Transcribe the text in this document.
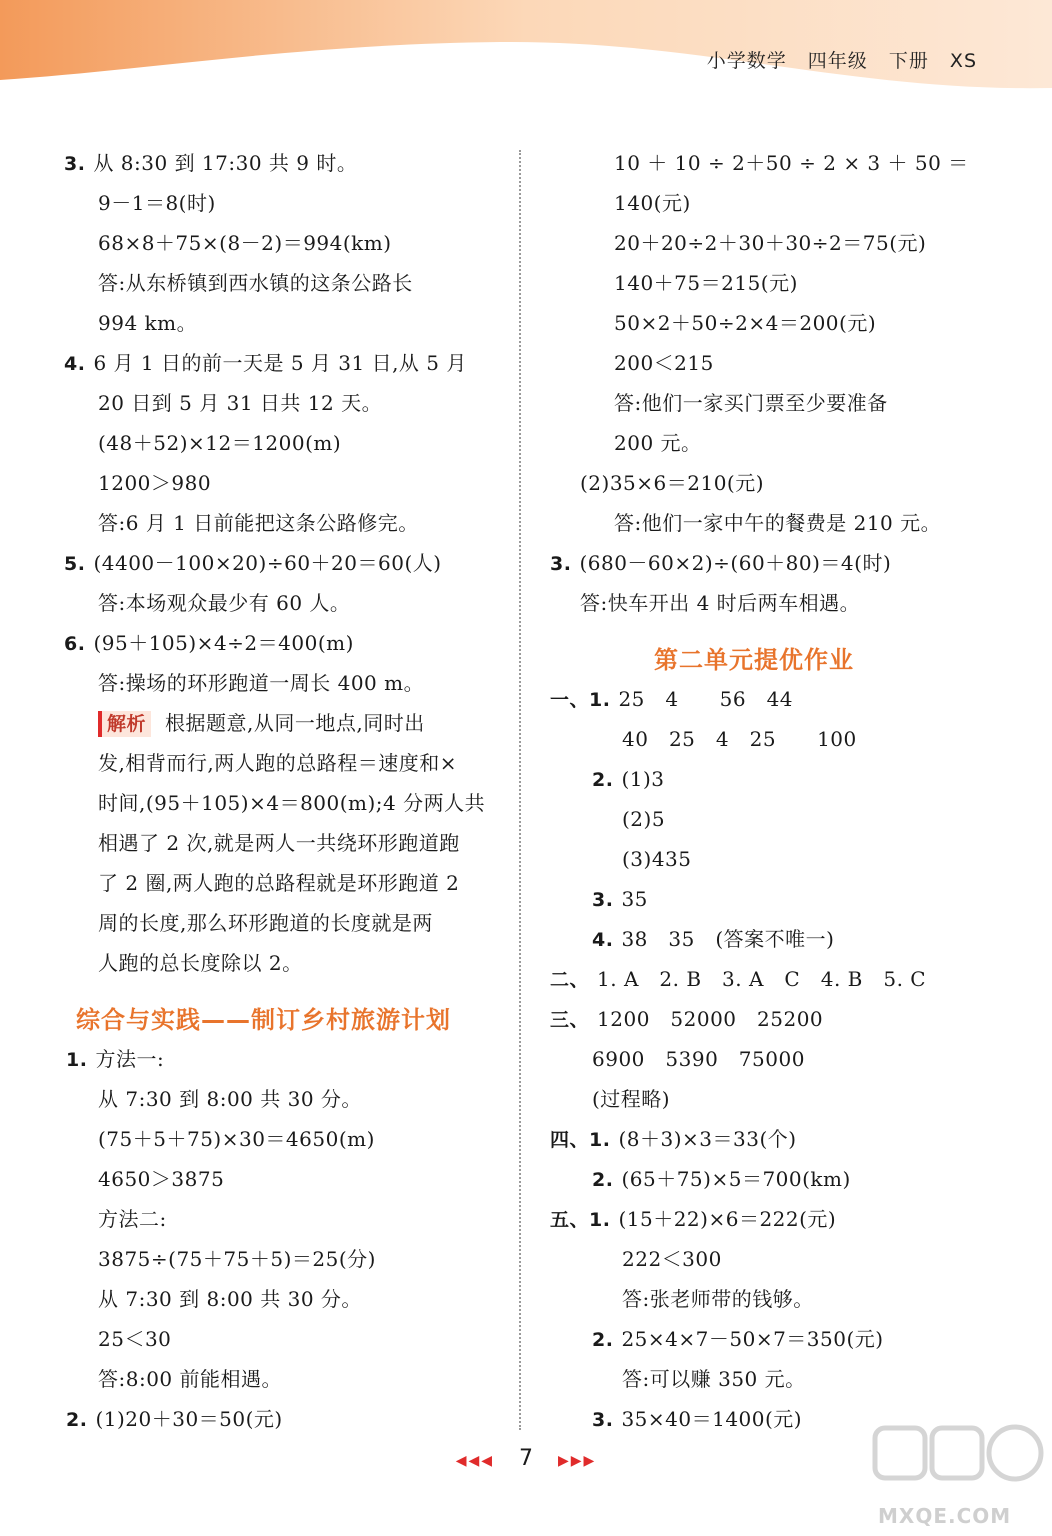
小学数学 四年级 下册 XS
3. 从 8:30 到 17:30 共 9 时。
9－1＝8(时)
68×8＋75×(8－2)＝994(km)
答:从东桥镇到西水镇的这条公路长
994 km。
4. 6 月 1 日的前一天是 5 月 31 日,从 5 月
20 日到 5 月 31 日共 12 天。
(48＋52)×12＝1200(m)
1200＞980
答:6 月 1 日前能把这条公路修完。
5. (4400－100×20)÷60＋20＝60(人)
答:本场观众最少有 60 人。
6. (95＋105)×4÷2＝400(m)
答:操场的环形跑道一周长 400 m。
解析 根据题意,从同一地点,同时出
发,相背而行,两人跑的总路程＝速度和×
时间,(95＋105)×4＝800(m);4 分两人共
相遇了 2 次,就是两人一共绕环形跑道跑
了 2 圈,两人跑的总路程就是环形跑道 2
周的长度,那么环形跑道的长度就是两
人跑的总长度除以 2。
综合与实践——制订乡村旅游计划
1. 方法一:
从 7:30 到 8:00 共 30 分。
(75＋5＋75)×30＝4650(m)
4650＞3875
方法二:
3875÷(75＋75＋5)＝25(分)
从 7:30 到 8:00 共 30 分。
25＜30
答:8:00 前能相遇。
2. (1)20＋30＝50(元)
10 ＋ 10 ÷ 2＋50 ÷ 2 × 3 ＋ 50 ＝
140(元)
20＋20÷2＋30＋30÷2＝75(元)
140＋75＝215(元)
50×2＋50÷2×4＝200(元)
200＜215
答:他们一家买门票至少要准备
200 元。
(2)35×6＝210(元)
答:他们一家中午的餐费是 210 元。
3. (680－60×2)÷(60＋80)＝4(时)
答:快车开出 4 时后两车相遇。
第二单元提优作业
一、1. 25　4　　56　44
40　25　4　25　　100
2. (1)3
(2)5
(3)435
3. 35
4. 38　35　(答案不唯一)
二、 1. A　2. B　3. A　C　4. B　5. C
三、 1200　52000　25200
6900　5390　75000
(过程略)
四、1. (8＋3)×3＝33(个)
2. (65＋75)×5＝700(km)
五、1. (15＋22)×6＝222(元)
222＜300
答:张老师带的钱够。
2. 25×4×7－50×7＝350(元)
答:可以赚 350 元。
3. 35×40＝1400(元)
◀◀◀ 7 ▶▶▶
MXQE.COM
